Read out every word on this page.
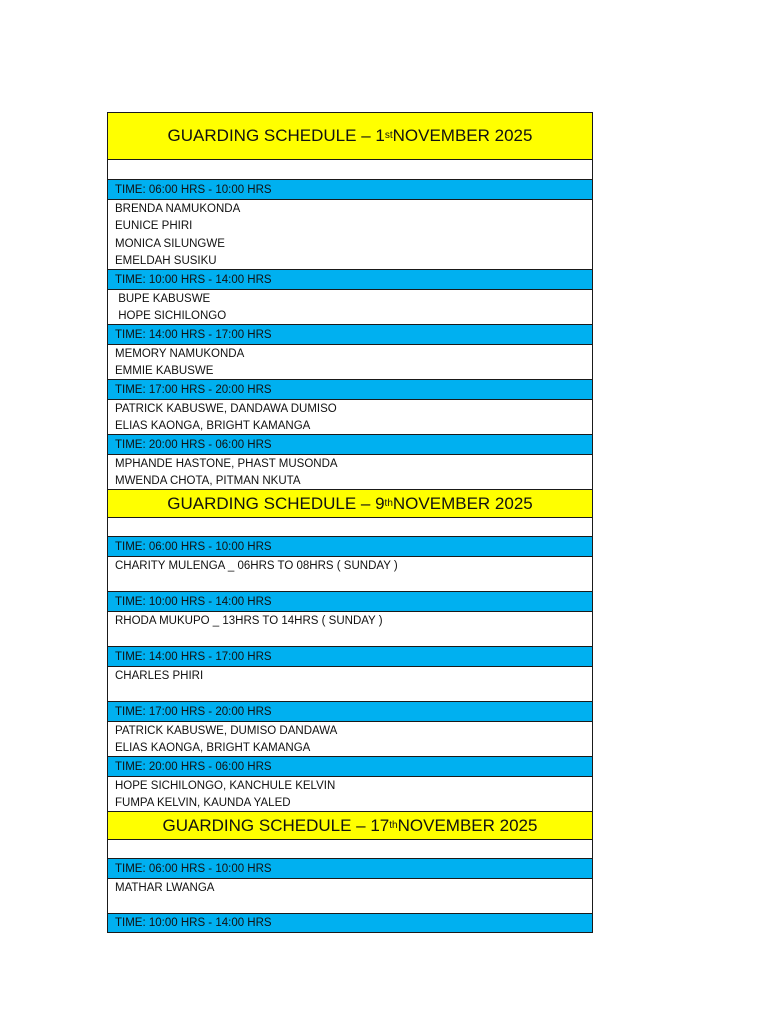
GUARDING SCHEDULE – 1 st NOVEMBER 2025
TIME: 06:00 HRS - 10:00 HRS
BRENDA NAMUKONDA
EUNICE PHIRI
MONICA SILUNGWE
EMELDAH SUSIKU
TIME: 10:00 HRS - 14:00 HRS
BUPE KABUSWE
HOPE SICHILONGO
TIME: 14:00 HRS - 17:00 HRS
MEMORY NAMUKONDA
EMMIE KABUSWE
TIME: 17:00 HRS - 20:00 HRS
PATRICK KABUSWE, DANDAWA DUMISO
ELIAS KAONGA, BRIGHT KAMANGA
TIME: 20:00 HRS - 06:00 HRS
MPHANDE HASTONE, PHAST MUSONDA
MWENDA CHOTA, PITMAN NKUTA
GUARDING SCHEDULE – 9 th NOVEMBER 2025
TIME: 06:00 HRS - 10:00 HRS
CHARITY MULENGA _ 06HRS TO 08HRS ( SUNDAY )
TIME: 10:00 HRS - 14:00 HRS
RHODA MUKUPO _ 13HRS TO 14HRS ( SUNDAY )
TIME: 14:00 HRS - 17:00 HRS
CHARLES PHIRI
TIME: 17:00 HRS - 20:00 HRS
PATRICK KABUSWE, DUMISO DANDAWA
ELIAS KAONGA, BRIGHT KAMANGA
TIME: 20:00 HRS - 06:00 HRS
HOPE SICHILONGO, KANCHULE KELVIN
FUMPA KELVIN, KAUNDA YALED
GUARDING SCHEDULE – 17 th NOVEMBER 2025
TIME: 06:00 HRS - 10:00 HRS
MATHAR LWANGA
TIME: 10:00 HRS - 14:00 HRS
